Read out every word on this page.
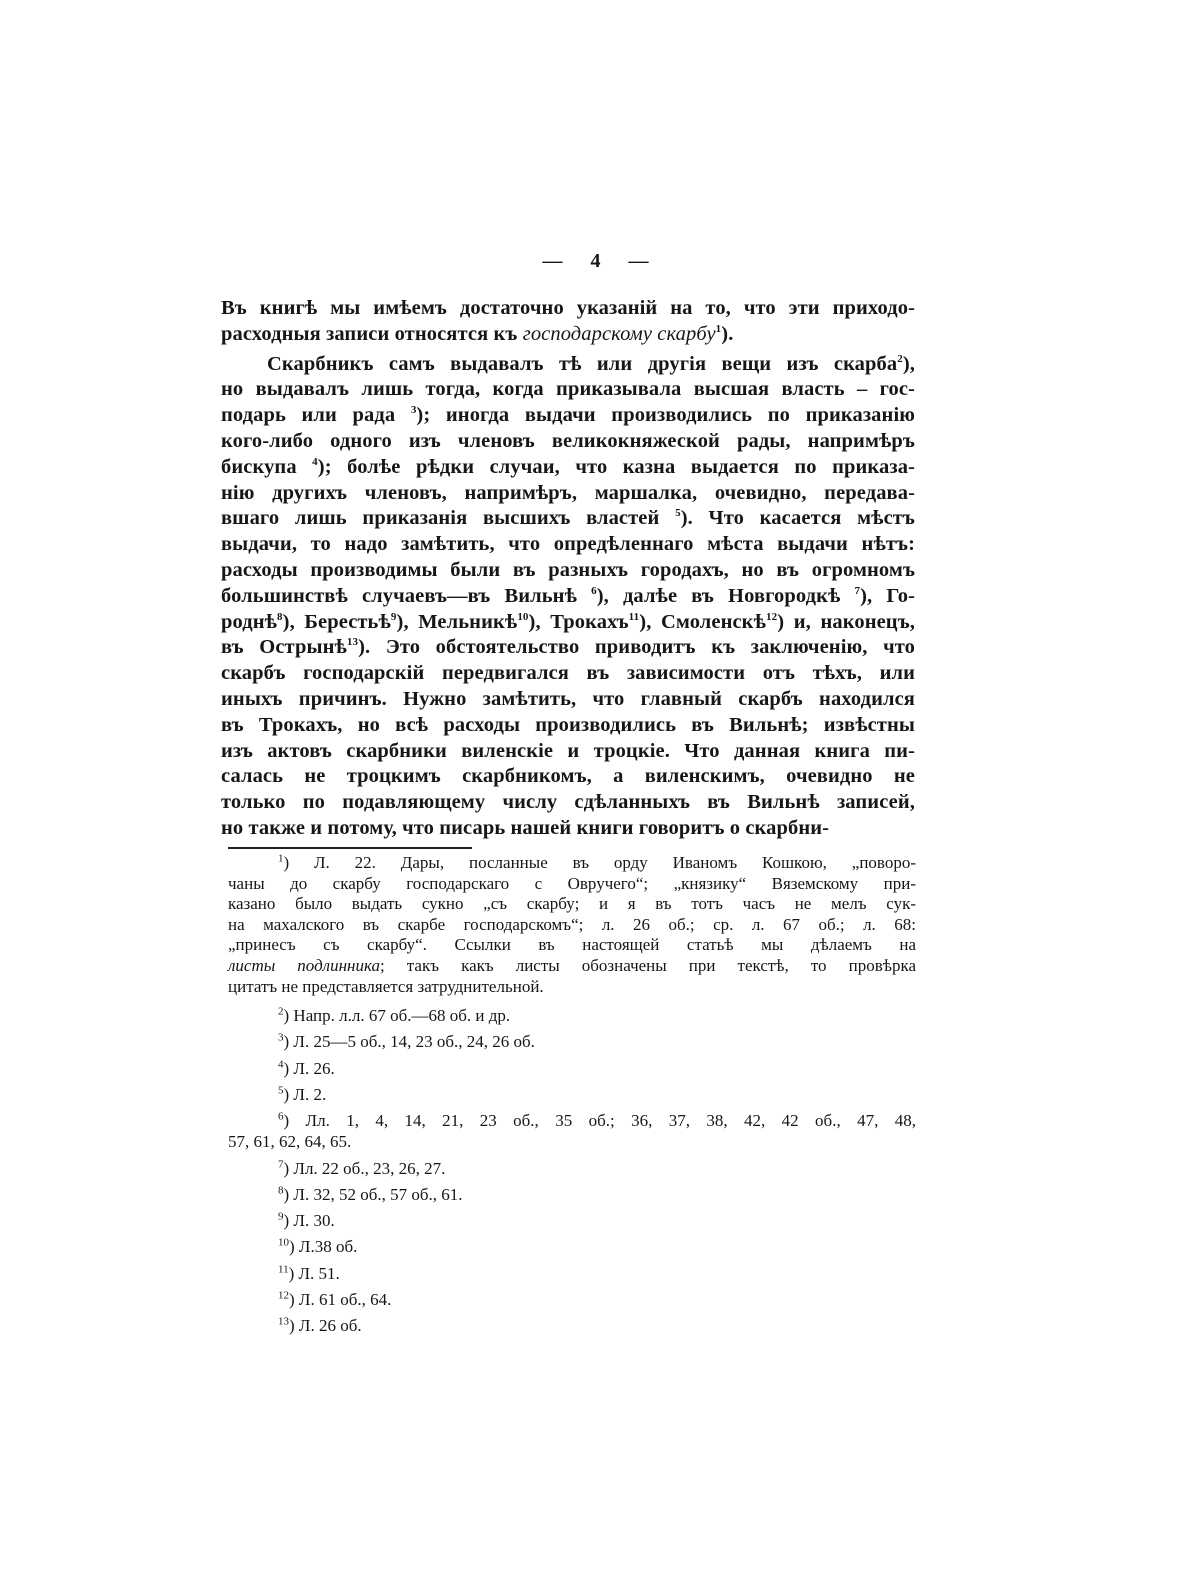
— 4 —
Въ книгѣ мы имѣемъ достаточно указаній на то, что эти приходо-
расходныя записи относятся къ господарскому скарбу$^1$).
Скарбникъ самъ выдавалъ тѣ или другія вещи изъ скарба$^2$),
но выдавалъ лишь тогда, когда приказывала высшая власть – гос-
подарь или рада $^3$); иногда выдачи производились по приказанію
кого-либо одного изъ членовъ великокняжеской рады, напримѣръ
бискупа $^4$); болѣе рѣдки случаи, что казна выдается по приказа-
нію другихъ членовъ, напримѣръ, маршалка, очевидно, передава-
вшаго лишь приказанія высшихъ властей $^5$). Что касается мѣстъ
выдачи, то надо замѣтить, что опредѣленнаго мѣста выдачи нѣтъ:
расходы производимы были въ разныхъ городахъ, но въ огромномъ
большинствѣ случаевъ—въ Вильнѣ $^6$), далѣе въ Новгородкѣ $^7$), Го-
роднѣ$^8$), Берестьѣ$^9$), Мельникѣ$^{10}$), Трокахъ$^{11}$), Смоленскѣ$^{12}$) и, наконецъ,
въ Острынѣ$^{13}$). Это обстоятельство приводитъ къ заключенію, что
скарбъ господарскій передвигался въ зависимости отъ тѣхъ, или
иныхъ причинъ. Нужно замѣтить, что главный скарбъ находился
въ Трокахъ, но всѣ расходы производились въ Вильнѣ; извѣстны
изъ актовъ скарбники виленскіе и троцкіе. Что данная книга пи-
салась не троцкимъ скарбникомъ, а виленскимъ, очевидно не
только по подавляющему числу сдѣланныхъ въ Вильнѣ записей,
но также и потому, что писарь нашей книги говоритъ о скарбни-
$^1$) Л. 22. Дары, посланные въ орду Иваномъ Кошкою, „поворо-
чаны до скарбу господарскаго с Овручего“; „князику“ Вяземскому при-
казано было выдать сукно „съ скарбу; и я въ тотъ часъ не мелъ сук-
на махалского въ скарбе господарскомъ“; л. 26 об.; ср. л. 67 об.; л. 68:
„принесъ съ скарбу“. Ссылки въ настоящей статьѣ мы дѣлаемъ на
листы подлинника; такъ какъ листы обозначены при текстѣ, то провѣрка
цитатъ не представляется затруднительной.
$^2$) Напр. л.л. 67 об.—68 об. и др.
$^3$) Л. 25—5 об., 14, 23 об., 24, 26 об.
$^4$) Л. 26.
$^5$) Л. 2.
$^6$) Лл. 1, 4, 14, 21, 23 об., 35 об.; 36, 37, 38, 42, 42 об., 47, 48,
57, 61, 62, 64, 65.
$^7$) Лл. 22 об., 23, 26, 27.
$^8$) Л. 32, 52 об., 57 об., 61.
$^9$) Л. 30.
$^{10}$) Л.38 об.
$^{11}$) Л. 51.
$^{12}$) Л. 61 об., 64.
$^{13}$) Л. 26 об.
